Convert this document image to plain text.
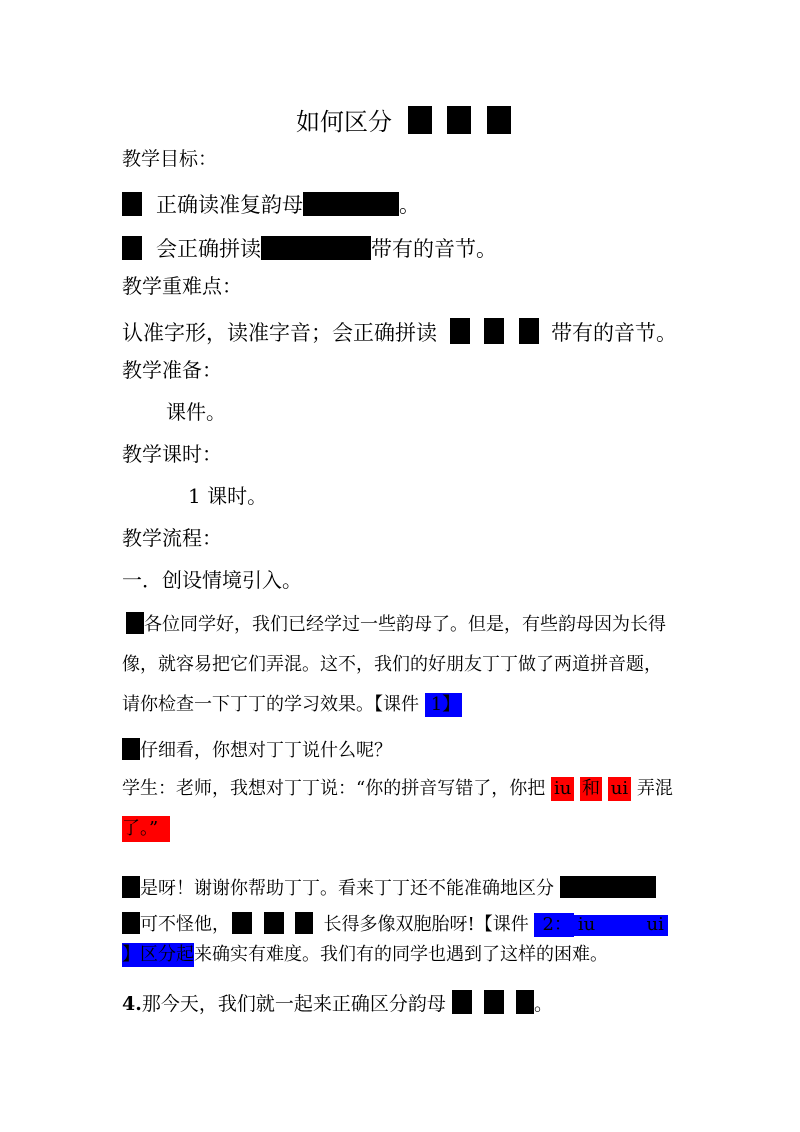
如何区分
教学目标：
正确读准复韵母	。
会正确拼读	带有的音节。
教学重难点：
认准字形，读准字音；会正确拼读	带有的音节。
教学准备：
课件。
教学课时：
1 课时。
教学流程：
一．创设情境引入。
各位同学好，我们已经学过一些韵母了。但是，有些韵母因为长得
像，就容易把它们弄混。这不，我们的好朋友丁丁做了两道拼音题，
请你检查一下丁丁的学习效果。【课件 1】
仔细看，你想对丁丁说什么呢？
学生：老师，我想对丁丁说：“你的拼音写错了，你把 iu 和 ui 弄混
了。”
是呀！谢谢你帮助丁丁。看来丁丁还不能准确地区分
可不怪他，	长得多像双胞胎呀!【课件 2： iu	ui
】区分起来确实有难度。我们有的同学也遇到了这样的困难。
4.那今天，我们就一起来正确区分韵母	。
